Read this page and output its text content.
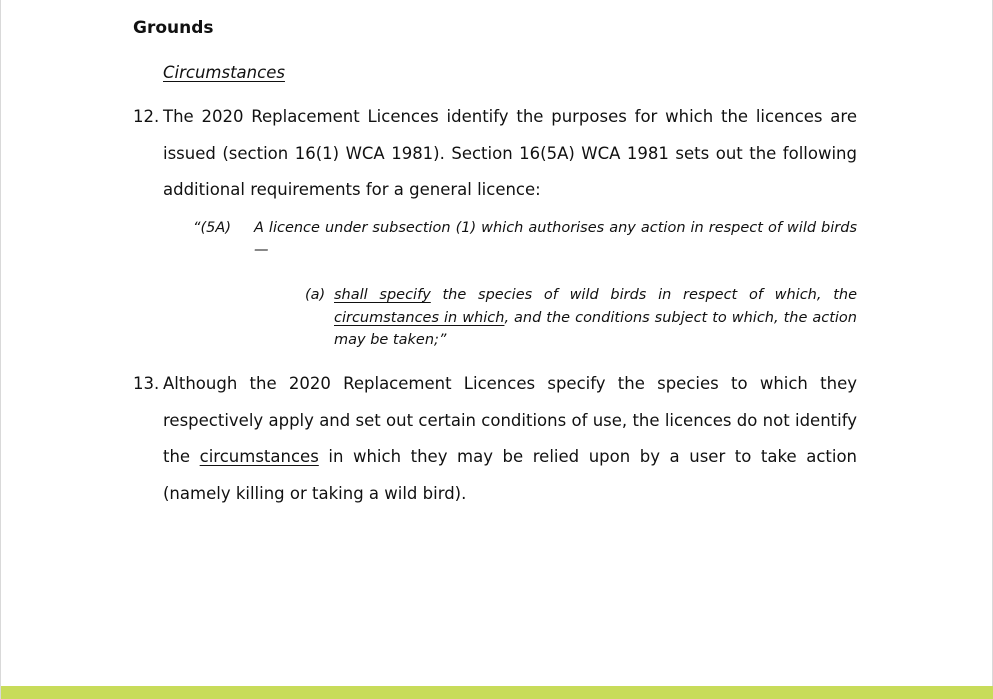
Grounds
Circumstances
12. The 2020 Replacement Licences identify the purposes for which the licences are issued (section 16(1) WCA 1981). Section 16(5A) WCA 1981 sets out the following additional requirements for a general licence:
“(5A) A licence under subsection (1) which authorises any action in respect of wild birds—
(a) shall specify the species of wild birds in respect of which, the circumstances in which, and the conditions subject to which, the action may be taken;”
13. Although the 2020 Replacement Licences specify the species to which they respectively apply and set out certain conditions of use, the licences do not identify the circumstances in which they may be relied upon by a user to take action (namely killing or taking a wild bird).
